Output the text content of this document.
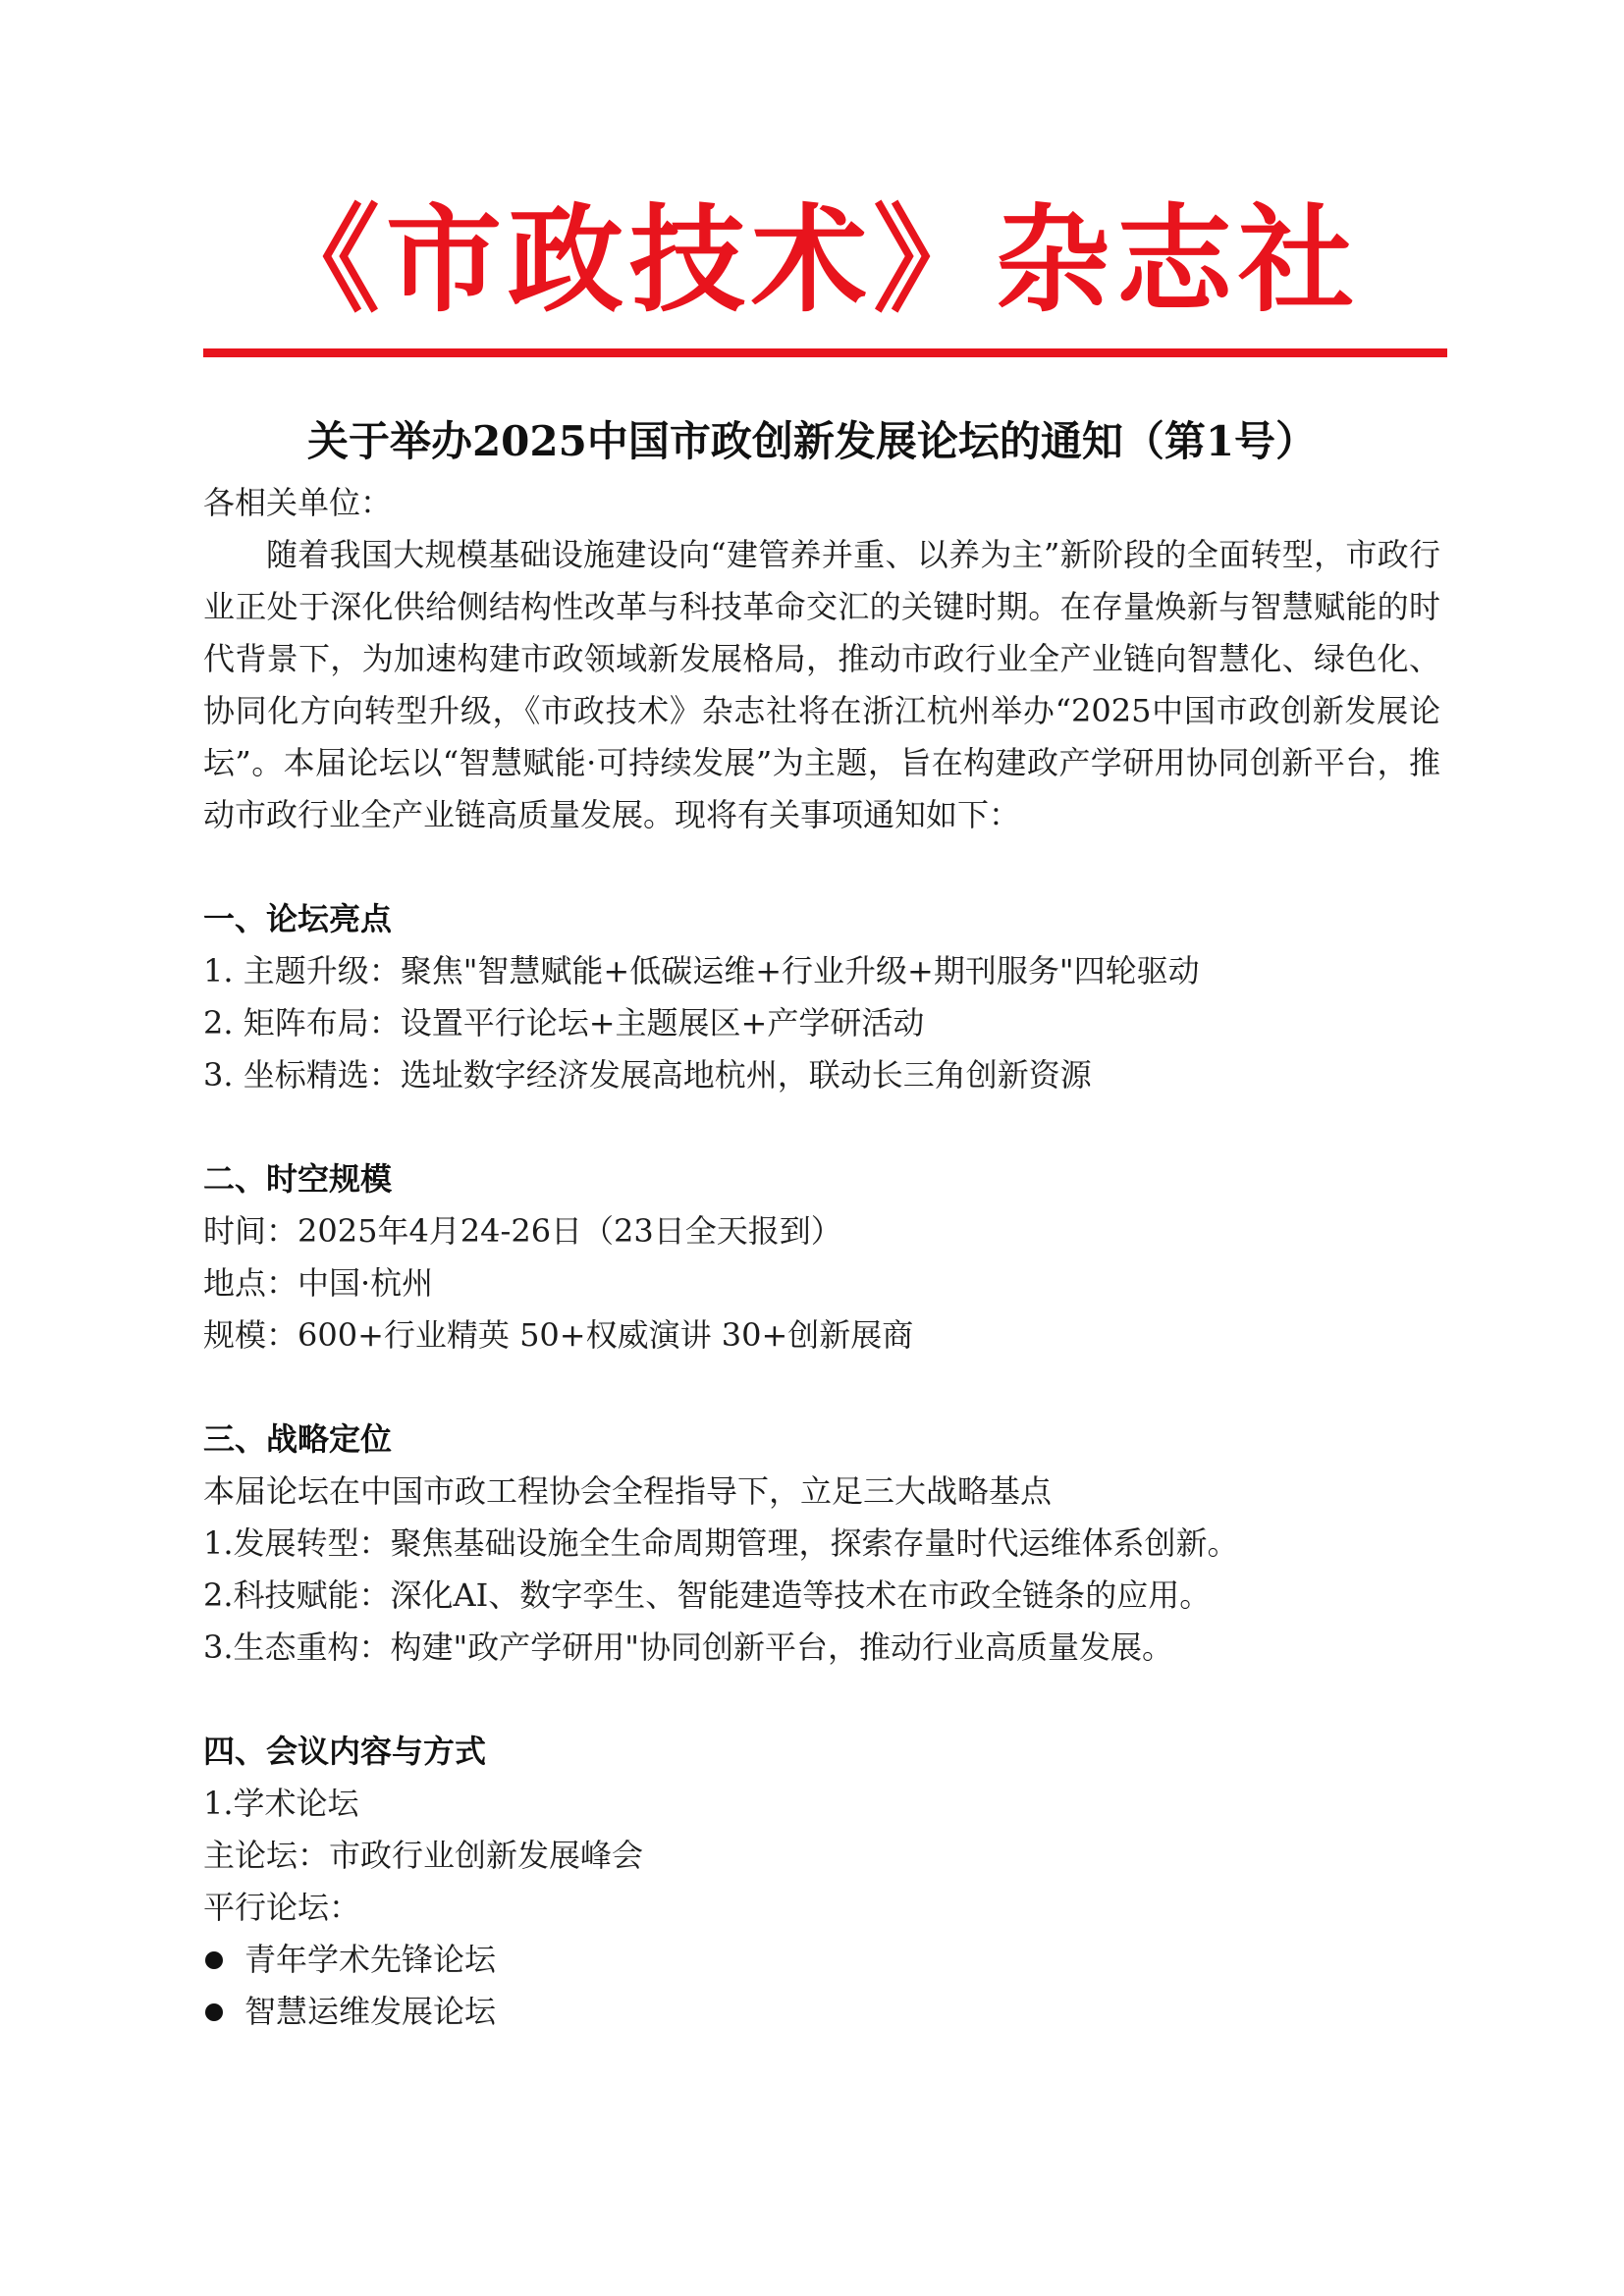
《市政技术》杂志社
关于举办2025中国市政创新发展论坛的通知（第1号）

各相关单位：

随着我国大规模基础设施建设向“建管养并重、以养为主”新阶段的全面转型，市政行业正处于深化供给侧结构性改革与科技革命交汇的关键时期。在存量焕新与智慧赋能的时代背景下，为加速构建市政领域新发展格局，推动市政行业全产业链向智慧化、绿色化、协同化方向转型升级，《市政技术》杂志社将在浙江杭州举办“2025中国市政创新发展论坛”。本届论坛以“智慧赋能·可持续发展”为主题，旨在构建政产学研用协同创新平台，推动市政行业全产业链高质量发展。现将有关事项通知如下：

一、论坛亮点

1. 主题升级：聚焦"智慧赋能+低碳运维+行业升级+期刊服务"四轮驱动

2. 矩阵布局：设置平行论坛+主题展区+产学研活动

3. 坐标精选：选址数字经济发展高地杭州，联动长三角创新资源

二、时空规模

时间：2025年4月24-26日（23日全天报到）

地点：中国·杭州

规模：600+行业精英 50+权威演讲 30+创新展商

三、战略定位

本届论坛在中国市政工程协会全程指导下，立足三大战略基点

1.发展转型：聚焦基础设施全生命周期管理，探索存量时代运维体系创新。

2.科技赋能：深化AI、数字孪生、智能建造等技术在市政全链条的应用。

3.生态重构：构建"政产学研用"协同创新平台，推动行业高质量发展。

四、会议内容与方式

1.学术论坛

主论坛：市政行业创新发展峰会

平行论坛：

青年学术先锋论坛
智慧运维发展论坛
